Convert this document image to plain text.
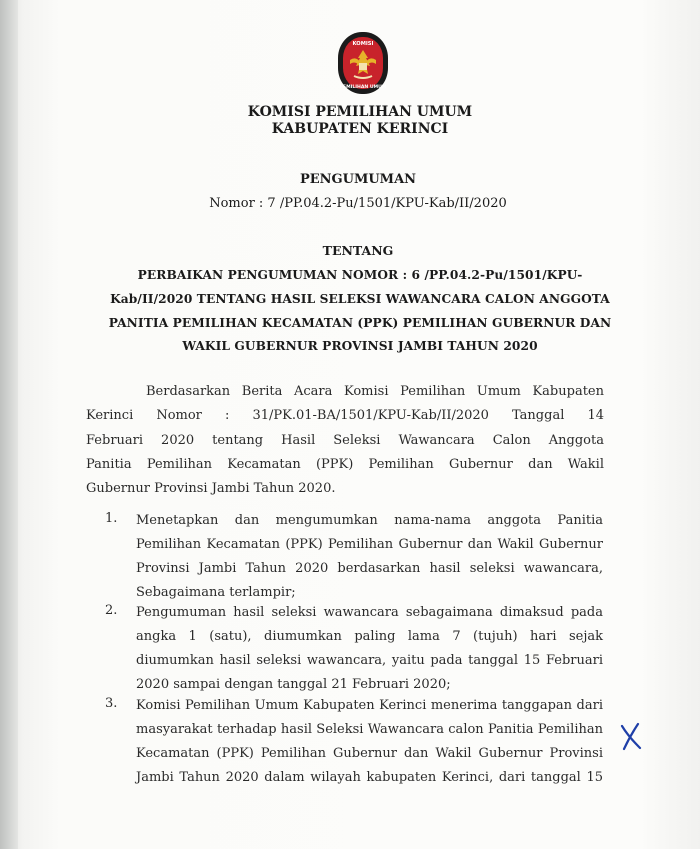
KOMISI
PEMILIHAN UMUM
KOMISI PEMILIHAN UMUM
KABUPATEN KERINCI
PENGUMUMAN
Nomor : 7 /PP.04.2-Pu/1501/KPU-Kab/II/2020
TENTANG
PERBAIKAN PENGUMUMAN NOMOR : 6 /PP.04.2-Pu/1501/KPU-
Kab/II/2020 TENTANG HASIL SELEKSI WAWANCARA CALON ANGGOTA
PANITIA PEMILIHAN KECAMATAN (PPK) PEMILIHAN GUBERNUR DAN
WAKIL GUBERNUR PROVINSI JAMBI TAHUN 2020
Berdasarkan Berita Acara Komisi Pemilihan Umum Kabupaten
Kerinci Nomor : 31/PK.01-BA/1501/KPU-Kab/II/2020 Tanggal 14
Februari 2020 tentang Hasil Seleksi Wawancara Calon Anggota
Panitia Pemilihan Kecamatan (PPK) Pemilihan Gubernur dan Wakil
Gubernur Provinsi Jambi Tahun 2020.
1. Menetapkan dan mengumumkan nama-nama anggota Panitia
Pemilihan Kecamatan (PPK) Pemilihan Gubernur dan Wakil Gubernur
Provinsi Jambi Tahun 2020 berdasarkan hasil seleksi wawancara,
Sebagaimana terlampir;
2. Pengumuman hasil seleksi wawancara sebagaimana dimaksud pada
angka 1 (satu), diumumkan paling lama 7 (tujuh) hari sejak
diumumkan hasil seleksi wawancara, yaitu pada tanggal 15 Februari
2020 sampai dengan tanggal 21 Februari 2020;
3. Komisi Pemilihan Umum Kabupaten Kerinci menerima tanggapan dari
masyarakat terhadap hasil Seleksi Wawancara calon Panitia Pemilihan
Kecamatan (PPK) Pemilihan Gubernur dan Wakil Gubernur Provinsi
Jambi Tahun 2020 dalam wilayah kabupaten Kerinci, dari tanggal 15
